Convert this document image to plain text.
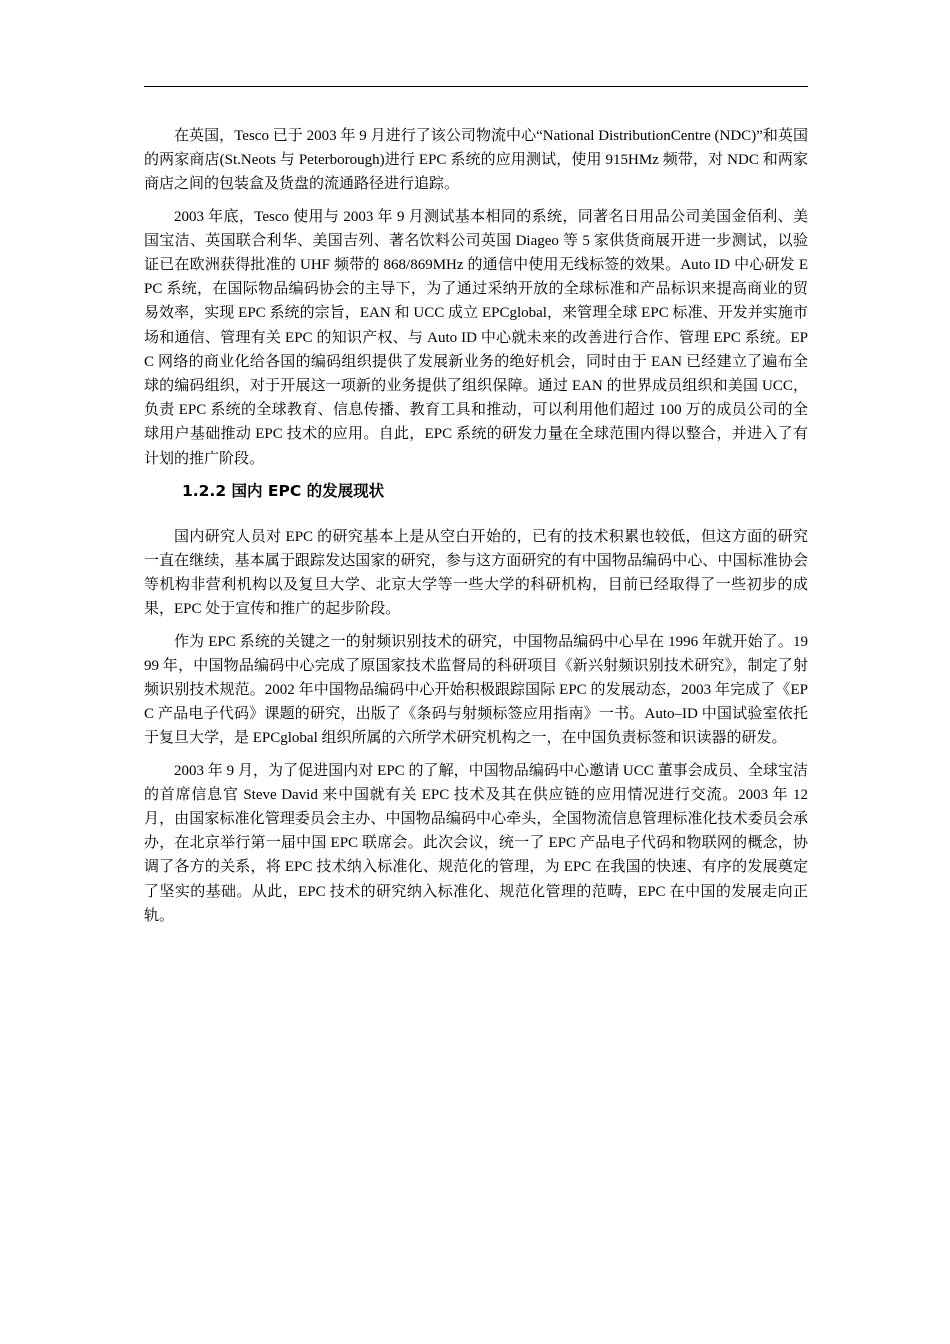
在英国，Tesco 已于 2003 年 9 月进行了该公司物流中心“National DistributionCentre (NDC)”和英国的两家商店(St.Neots 与 Peterborough)进行 EPC 系统的应用测试，使用 915HMz 频带，对 NDC 和两家商店之间的包装盒及货盘的流通路径进行追踪。

2003 年底，Tesco 使用与 2003 年 9 月测试基本相同的系统，同著名日用品公司美国金佰利、美国宝洁、英国联合利华、美国吉列、著名饮料公司英国 Diageo 等 5 家供货商展开进一步测试，以验证已在欧洲获得批准的 UHF 频带的 868/869MHz 的通信中使用无线标签的效果。Auto ID 中心研发 EPC 系统，在国际物品编码协会的主导下，为了通过采纳开放的全球标准和产品标识来提高商业的贸易效率，实现 EPC 系统的宗旨，EAN 和 UCC 成立 EPCglobal，来管理全球 EPC 标准、开发并实施市场和通信、管理有关 EPC 的知识产权、与 Auto ID 中心就未来的改善进行合作、管理 EPC 系统。EPC 网络的商业化给各国的编码组织提供了发展新业务的绝好机会，同时由于 EAN 已经建立了遍布全球的编码组织，对于开展这一项新的业务提供了组织保障。通过 EAN 的世界成员组织和美国 UCC，负责 EPC 系统的全球教育、信息传播、教育工具和推动，可以利用他们超过 100 万的成员公司的全球用户基础推动 EPC 技术的应用。自此，EPC 系统的研发力量在全球范围内得以整合，并进入了有计划的推广阶段。

1.2.2 国内 EPC 的发展现状

国内研究人员对 EPC 的研究基本上是从空白开始的，已有的技术积累也较低，但这方面的研究一直在继续，基本属于跟踪发达国家的研究，参与这方面研究的有中国物品编码中心、中国标准协会等机构非营利机构以及复旦大学、北京大学等一些大学的科研机构，目前已经取得了一些初步的成果，EPC 处于宣传和推广的起步阶段。

作为 EPC 系统的关键之一的射频识别技术的研究，中国物品编码中心早在 1996 年就开始了。1999 年，中国物品编码中心完成了原国家技术监督局的科研项目《新兴射频识别技术研究》，制定了射频识别技术规范。2002 年中国物品编码中心开始积极跟踪国际 EPC 的发展动态，2003 年完成了《EPC 产品电子代码》课题的研究，出版了《条码与射频标签应用指南》一书。Auto–ID 中国试验室依托于复旦大学，是 EPCglobal 组织所属的六所学术研究机构之一，在中国负责标签和识读器的研发。

2003 年 9 月，为了促进国内对 EPC 的了解，中国物品编码中心邀请 UCC 董事会成员、全球宝洁的首席信息官 Steve David 来中国就有关 EPC 技术及其在供应链的应用情况进行交流。2003 年 12 月，由国家标准化管理委员会主办、中国物品编码中心牵头，全国物流信息管理标准化技术委员会承办，在北京举行第一届中国 EPC 联席会。此次会议，统一了 EPC 产品电子代码和物联网的概念，协调了各方的关系，将 EPC 技术纳入标准化、规范化的管理，为 EPC 在我国的快速、有序的发展奠定了坚实的基础。从此，EPC 技术的研究纳入标准化、规范化管理的范畴，EPC 在中国的发展走向正轨。
